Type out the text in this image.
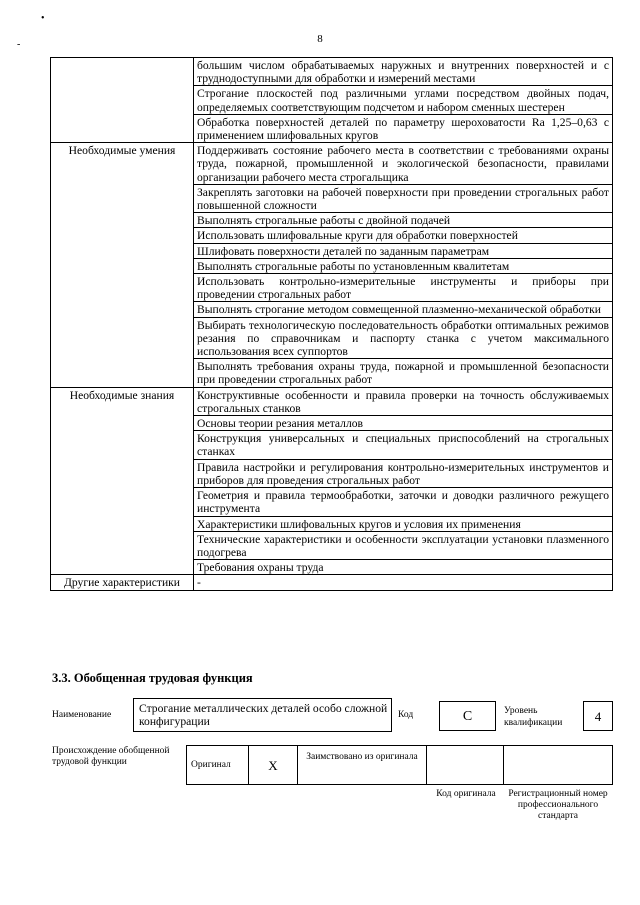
•
-	8
	большим числом обрабатываемых наружных и внутренних поверхностей и с труднодоступными для обработки и измерений местами
	Строгание плоскостей под различными углами посредством двойных подач, определяемых соответствующим подсчетом и набором сменных шестерен
	Обработка поверхностей деталей по параметру шероховатости Ra 1,25–0,63 с применением шлифовальных кругов
Необходимые умения	Поддерживать состояние рабочего места в соответствии с требованиями охраны труда, пожарной, промышленной и экологической безопасности, правилами организации рабочего места строгальщика
	Закреплять заготовки на рабочей поверхности при проведении строгальных работ повышенной сложности
	Выполнять строгальные работы с двойной подачей
	Использовать шлифовальные круги для обработки поверхностей
	Шлифовать поверхности деталей по заданным параметрам
	Выполнять строгальные работы по установленным квалитетам
	Использовать контрольно-измерительные инструменты и приборы при проведении строгальных работ
	Выполнять строгание методом совмещенной плазменно-механической обработки
	Выбирать технологическую последовательность обработки оптимальных режимов резания по справочникам и паспорту станка с учетом максимального использования всех суппортов
	Выполнять требования охраны труда, пожарной и промышленной безопасности при проведении строгальных работ
Необходимые знания	Конструктивные особенности и правила проверки на точность обслуживаемых строгальных станков
	Основы теории резания металлов
	Конструкция универсальных и специальных приспособлений на строгальных станках
	Правила настройки и регулирования контрольно-измерительных инструментов и приборов для проведения строгальных работ
	Геометрия и правила термообработки, заточки и доводки различного режущего инструмента
	Характеристики шлифовальных кругов и условия их применения
	Технические характеристики и особенности эксплуатации установки плазменного подогрева
	Требования охраны труда
Другие характеристики	-
3.3. Обобщенная трудовая функция
Наименование Строгание металлических деталей особо сложной конфигурации	Код	С	Уровень
квалификации	4
Происхождение обобщенной трудовой функции	Оригинал	X	Заимствовано из оригинала		
Код оригинала	Регистрационный номер профессионального стандарта
